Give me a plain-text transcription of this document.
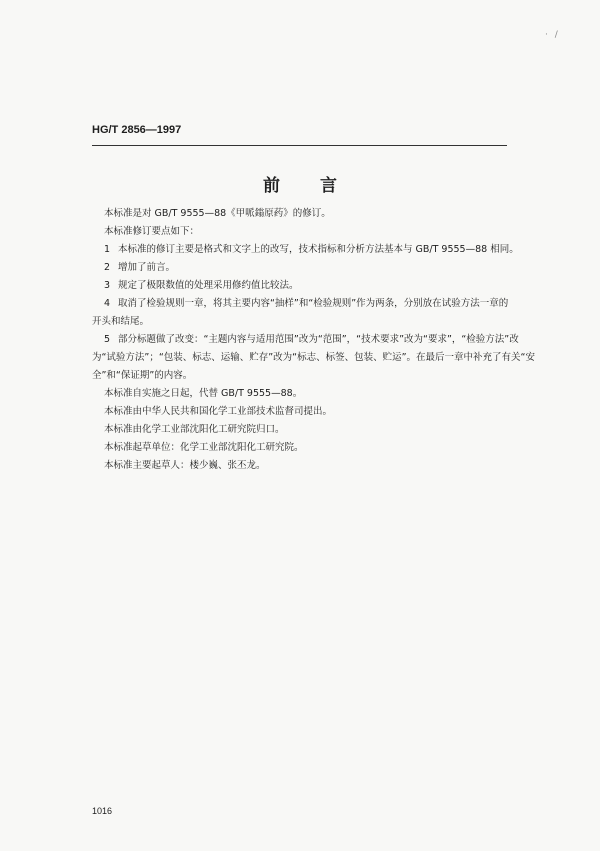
· /
HG/T 2856—1997
前 言
本标准是对 GB/T 9555—88《甲哌鎓原药》的修订。
本标准修订要点如下：
1 本标准的修订主要是格式和文字上的改写，技术指标和分析方法基本与 GB/T 9555—88 相同。
2 增加了前言。
3 规定了极限数值的处理采用修约值比较法。
4 取消了检验规则一章，将其主要内容“抽样”和“检验规则”作为两条，分别放在试验方法一章的
开头和结尾。
5 部分标题做了改变：“主题内容与适用范围”改为“范围”，“技术要求”改为“要求”，“检验方法”改
为“试验方法”；“包装、标志、运输、贮存”改为“标志、标签、包装、贮运”。在最后一章中补充了有关“安
全”和“保证期”的内容。
本标准自实施之日起，代替 GB/T 9555—88。
本标准由中华人民共和国化学工业部技术监督司提出。
本标准由化学工业部沈阳化工研究院归口。
本标准起草单位：化学工业部沈阳化工研究院。
本标准主要起草人：楼少巍、张丕龙。
1016
